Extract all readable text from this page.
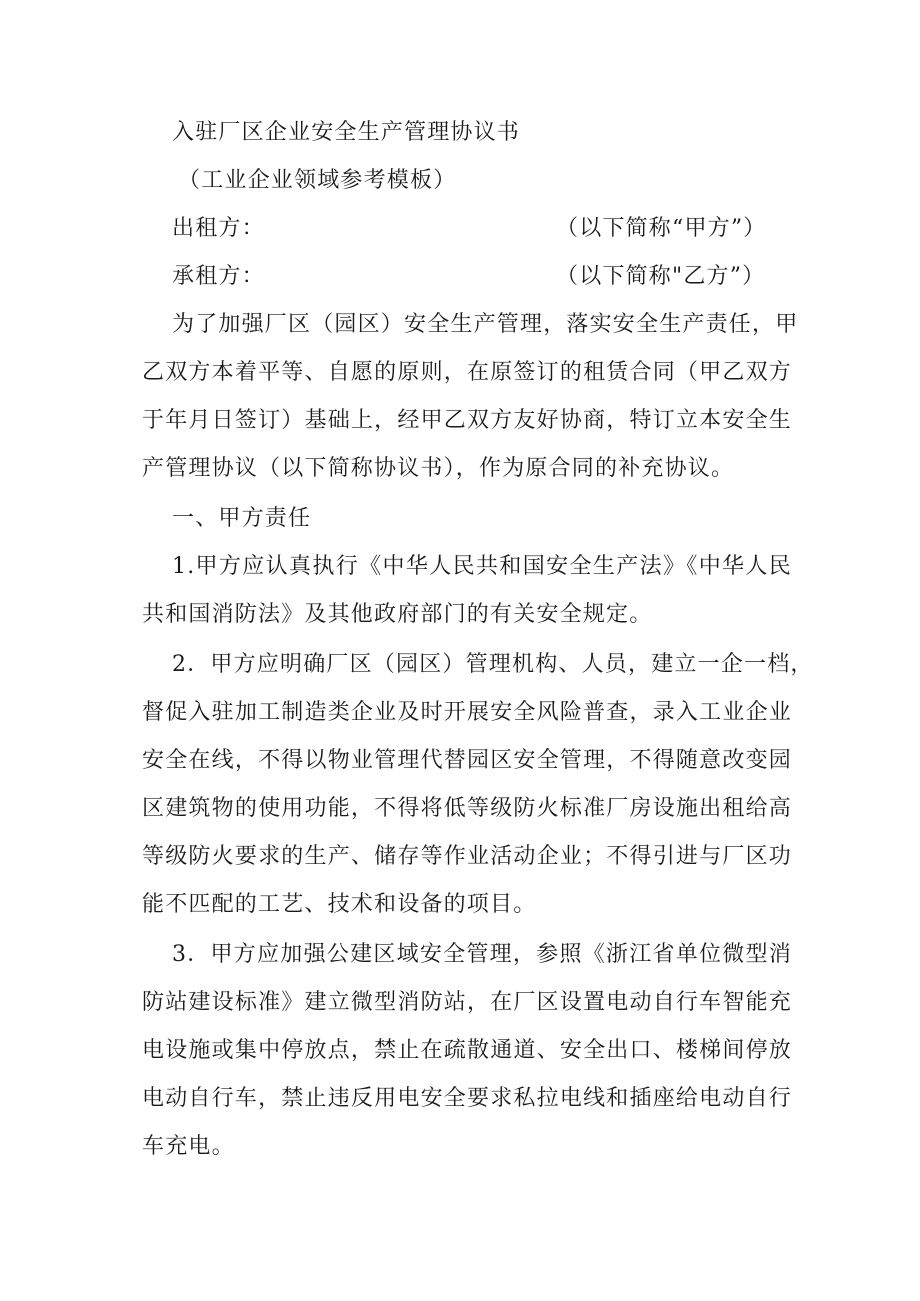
入驻厂区企业安全生产管理协议书
（工业企业领域参考模板）
出租方：	（以下简称“甲方”）
承租方：	（以下简称"乙方”）
为了加强厂区（园区）安全生产管理，落实安全生产责任，甲
乙双方本着平等、自愿的原则，在原签订的租赁合同（甲乙双方
于年月日签订）基础上，经甲乙双方友好协商，特订立本安全生
产管理协议（以下简称协议书），作为原合同的补充协议。
一、甲方责任
1.甲方应认真执行《中华人民共和国安全生产法》《中华人民
共和国消防法》及其他政府部门的有关安全规定。
2．甲方应明确厂区（园区）管理机构、人员，建立一企一档，
督促入驻加工制造类企业及时开展安全风险普查，录入工业企业
安全在线，不得以物业管理代替园区安全管理，不得随意改变园
区建筑物的使用功能，不得将低等级防火标准厂房设施出租给高
等级防火要求的生产、储存等作业活动企业；不得引进与厂区功
能不匹配的工艺、技术和设备的项目。
3．甲方应加强公建区域安全管理，参照《浙江省单位微型消
防站建设标准》建立微型消防站，在厂区设置电动自行车智能充
电设施或集中停放点，禁止在疏散通道、安全出口、楼梯间停放
电动自行车，禁止违反用电安全要求私拉电线和插座给电动自行
车充电。
